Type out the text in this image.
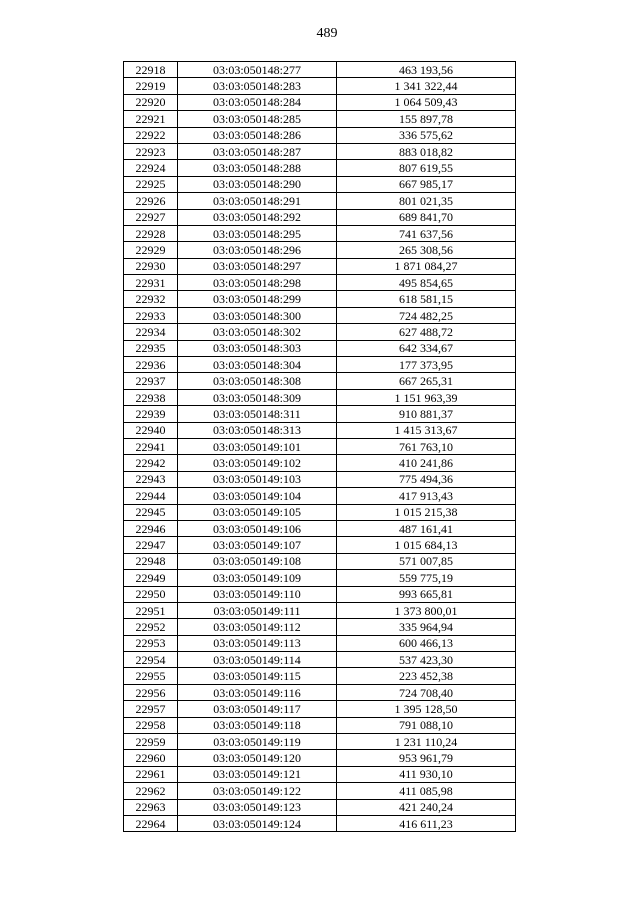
489
22918	03:03:050148:277	463 193,56
22919	03:03:050148:283	1 341 322,44
22920	03:03:050148:284	1 064 509,43
22921	03:03:050148:285	155 897,78
22922	03:03:050148:286	336 575,62
22923	03:03:050148:287	883 018,82
22924	03:03:050148:288	807 619,55
22925	03:03:050148:290	667 985,17
22926	03:03:050148:291	801 021,35
22927	03:03:050148:292	689 841,70
22928	03:03:050148:295	741 637,56
22929	03:03:050148:296	265 308,56
22930	03:03:050148:297	1 871 084,27
22931	03:03:050148:298	495 854,65
22932	03:03:050148:299	618 581,15
22933	03:03:050148:300	724 482,25
22934	03:03:050148:302	627 488,72
22935	03:03:050148:303	642 334,67
22936	03:03:050148:304	177 373,95
22937	03:03:050148:308	667 265,31
22938	03:03:050148:309	1 151 963,39
22939	03:03:050148:311	910 881,37
22940	03:03:050148:313	1 415 313,67
22941	03:03:050149:101	761 763,10
22942	03:03:050149:102	410 241,86
22943	03:03:050149:103	775 494,36
22944	03:03:050149:104	417 913,43
22945	03:03:050149:105	1 015 215,38
22946	03:03:050149:106	487 161,41
22947	03:03:050149:107	1 015 684,13
22948	03:03:050149:108	571 007,85
22949	03:03:050149:109	559 775,19
22950	03:03:050149:110	993 665,81
22951	03:03:050149:111	1 373 800,01
22952	03:03:050149:112	335 964,94
22953	03:03:050149:113	600 466,13
22954	03:03:050149:114	537 423,30
22955	03:03:050149:115	223 452,38
22956	03:03:050149:116	724 708,40
22957	03:03:050149:117	1 395 128,50
22958	03:03:050149:118	791 088,10
22959	03:03:050149:119	1 231 110,24
22960	03:03:050149:120	953 961,79
22961	03:03:050149:121	411 930,10
22962	03:03:050149:122	411 085,98
22963	03:03:050149:123	421 240,24
22964	03:03:050149:124	416 611,23
